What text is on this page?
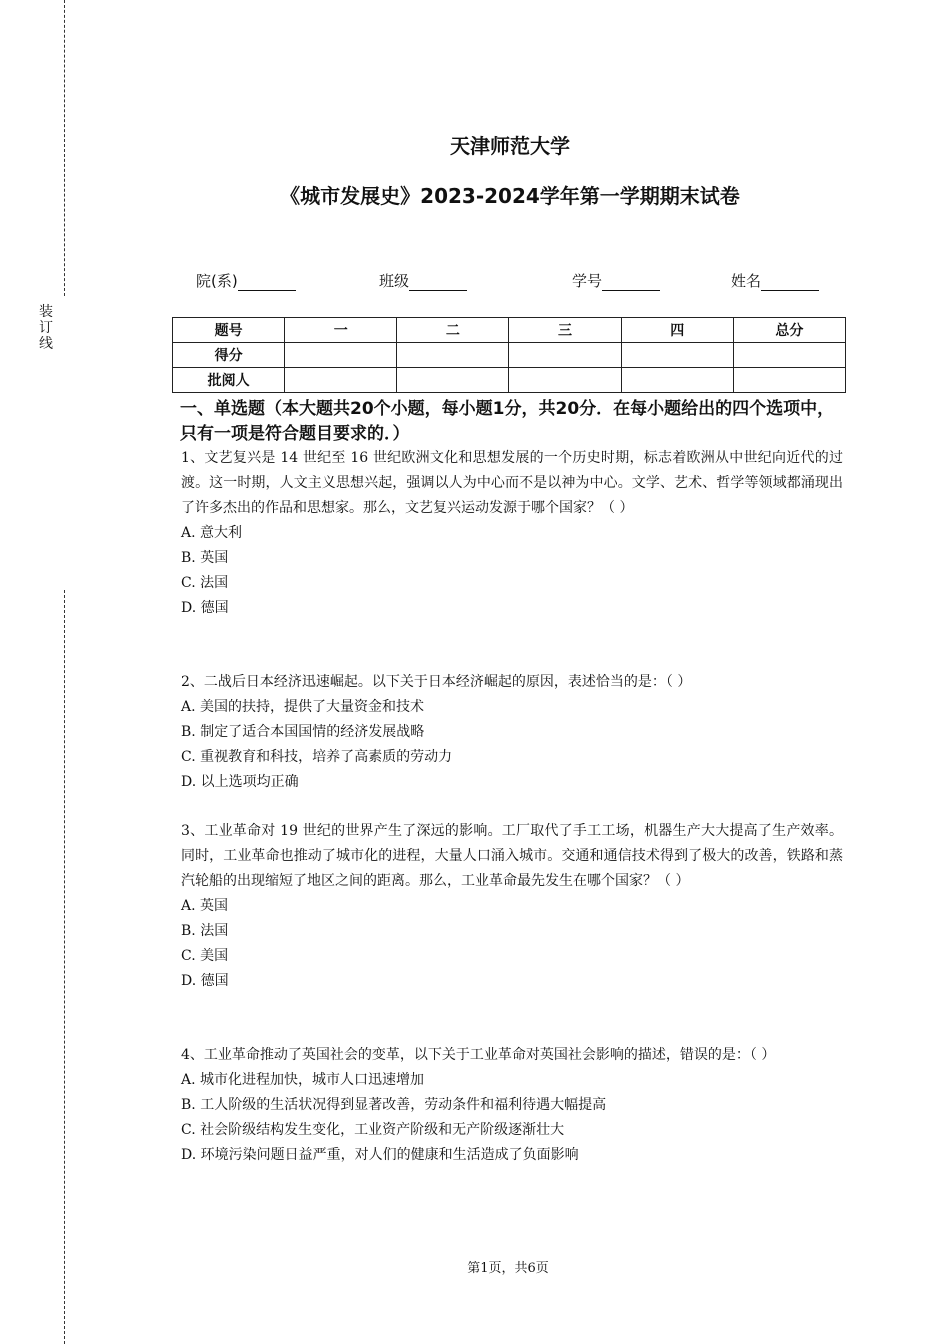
装
订
线
天津师范大学
《城市发展史》2023-2024学年第一学期期末试卷
院(系)	班级	学号	姓名
题号	一	二	三	四	总分
得分					
批阅人					
一、单选题（本大题共20个小题，每小题1分，共20分．在每小题给出的四个选项中，只有一项是符合题目要求的．）
1、文艺复兴是 14 世纪至 16 世纪欧洲文化和思想发展的一个历史时期，标志着欧洲从中世纪向近代的过渡。这一时期，人文主义思想兴起，强调以人为中心而不是以神为中心。文学、艺术、哲学等领域都涌现出了许多杰出的作品和思想家。那么，文艺复兴运动发源于哪个国家？（ ）
A. 意大利
B. 英国
C. 法国
D. 德国
2、二战后日本经济迅速崛起。以下关于日本经济崛起的原因，表述恰当的是：（ ）
A. 美国的扶持，提供了大量资金和技术
B. 制定了适合本国国情的经济发展战略
C. 重视教育和科技，培养了高素质的劳动力
D. 以上选项均正确
3、工业革命对 19 世纪的世界产生了深远的影响。工厂取代了手工工场，机器生产大大提高了生产效率。同时，工业革命也推动了城市化的进程，大量人口涌入城市。交通和通信技术得到了极大的改善，铁路和蒸汽轮船的出现缩短了地区之间的距离。那么，工业革命最先发生在哪个国家？（ ）
A. 英国
B. 法国
C. 美国
D. 德国
4、工业革命推动了英国社会的变革，以下关于工业革命对英国社会影响的描述，错误的是：（ ）
A. 城市化进程加快，城市人口迅速增加
B. 工人阶级的生活状况得到显著改善，劳动条件和福利待遇大幅提高
C. 社会阶级结构发生变化，工业资产阶级和无产阶级逐渐壮大
D. 环境污染问题日益严重，对人们的健康和生活造成了负面影响
第1页，共6页
